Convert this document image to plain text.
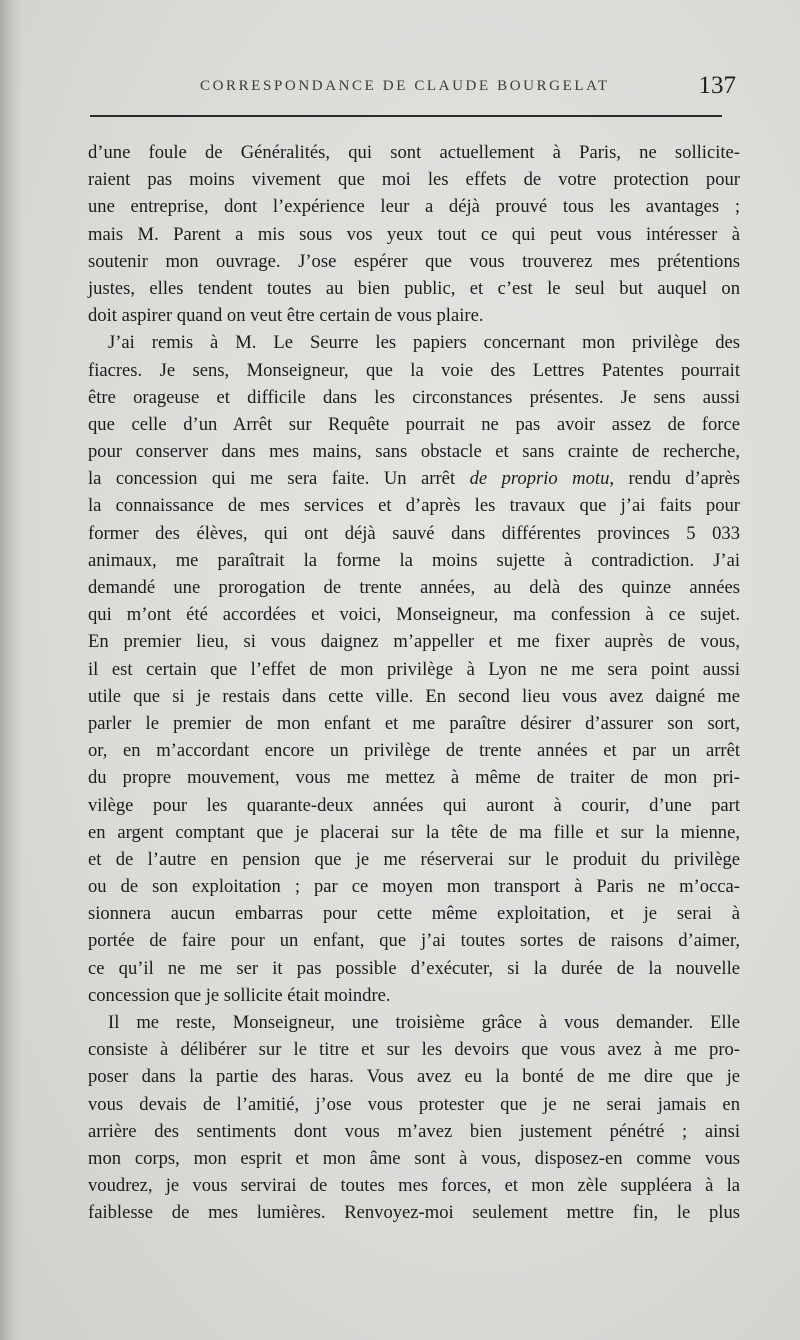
CORRESPONDANCE DE CLAUDE BOURGELAT	137
d’une foule de Généralités, qui sont actuellement à Paris, ne sollicite-
raient pas moins vivement que moi les effets de votre protection pour
une entreprise, dont l’expérience leur a déjà prouvé tous les avantages ;
mais M. Parent a mis sous vos yeux tout ce qui peut vous intéresser à
soutenir mon ouvrage. J’ose espérer que vous trouverez mes prétentions
justes, elles tendent toutes au bien public, et c’est le seul but auquel on
doit aspirer quand on veut être certain de vous plaire.
J’ai remis à M. Le Seurre les papiers concernant mon privilège des
fiacres. Je sens, Monseigneur, que la voie des Lettres Patentes pourrait
être orageuse et difficile dans les circonstances présentes. Je sens aussi
que celle d’un Arrêt sur Requête pourrait ne pas avoir assez de force
pour conserver dans mes mains, sans obstacle et sans crainte de recherche,
la concession qui me sera faite. Un arrêt de proprio motu, rendu d’après
la connaissance de mes services et d’après les travaux que j’ai faits pour
former des élèves, qui ont déjà sauvé dans différentes provinces 5 033
animaux, me paraîtrait la forme la moins sujette à contradiction. J’ai
demandé une prorogation de trente années, au delà des quinze années
qui m’ont été accordées et voici, Monseigneur, ma confession à ce sujet.
En premier lieu, si vous daignez m’appeller et me fixer auprès de vous,
il est certain que l’effet de mon privilège à Lyon ne me sera point aussi
utile que si je restais dans cette ville. En second lieu vous avez daigné me
parler le premier de mon enfant et me paraître désirer d’assurer son sort,
or, en m’accordant encore un privilège de trente années et par un arrêt
du propre mouvement, vous me mettez à même de traiter de mon pri-
vilège pour les quarante-deux années qui auront à courir, d’une part
en argent comptant que je placerai sur la tête de ma fille et sur la mienne,
et de l’autre en pension que je me réserverai sur le produit du privilège
ou de son exploitation ; par ce moyen mon transport à Paris ne m’occa-
sionnera aucun embarras pour cette même exploitation, et je serai à
portée de faire pour un enfant, que j’ai toutes sortes de raisons d’aimer,
ce qu’il ne me ser it pas possible d’exécuter, si la durée de la nouvelle
concession que je sollicite était moindre.
Il me reste, Monseigneur, une troisième grâce à vous demander. Elle
consiste à délibérer sur le titre et sur les devoirs que vous avez à me pro-
poser dans la partie des haras. Vous avez eu la bonté de me dire que je
vous devais de l’amitié, j’ose vous protester que je ne serai jamais en
arrière des sentiments dont vous m’avez bien justement pénétré ; ainsi
mon corps, mon esprit et mon âme sont à vous, disposez-en comme vous
voudrez, je vous servirai de toutes mes forces, et mon zèle suppléera à la
faiblesse de mes lumières. Renvoyez-moi seulement mettre fin, le plus
